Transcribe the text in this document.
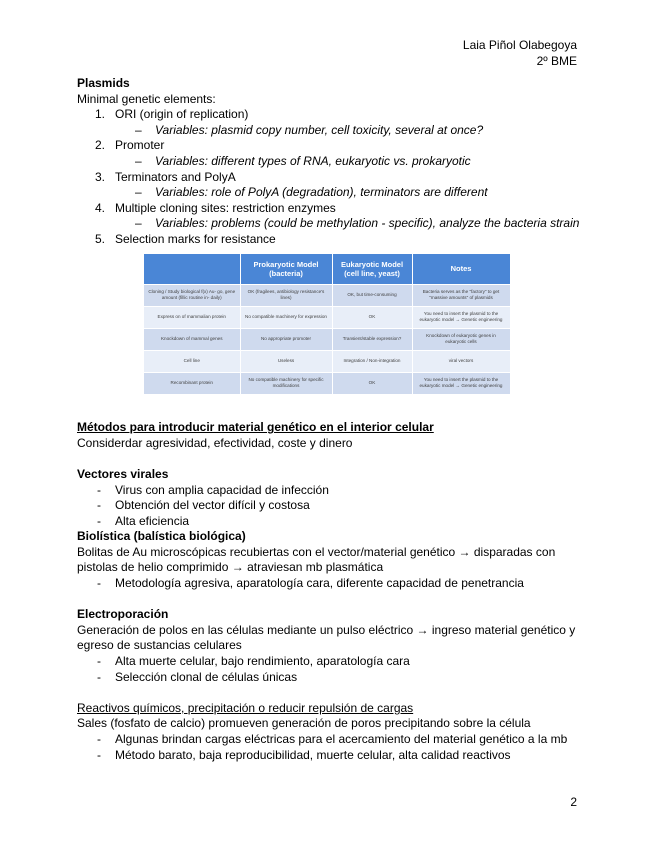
Laia Piñol Olabegoya
2º BME

Plasmids

Minimal genetic elements:

1. ORI (origin of replication)

– Variables: plasmid copy number, cell toxicity, several at once?

2. Promoter

– Variables: different types of RNA, eukaryotic vs. prokaryotic

3. Terminators and PolyA

– Variables: role of PolyA (degradation), terminators are different

4. Multiple cloning sites: restriction enzymes

– Variables: problems (could be methylation - specific), analyze the bacteria strain

5. Selection marks for resistance

	Prokaryotic Model (bacteria)	Eukaryotic Model (cell line, yeast)	Notes
Cloning / Study biological f(x) Au- go, gene amount (fillic routine in- daily)	OK (fragilees, antibiology resistance's lines)	OK, but time-consuming	Bacteria serves as the "factory" to get "massive amounts" of plasmids
Express on of mammalian protein	No compatible machinery for expression	OK	You need to insert the plasmid to the eukaryotic model → Genetic engineering
Knockdown of mammal genes	No appropriate promoter	Transient/stable expression?	Knockdown of eukaryotic genes in eukaryotic cells
Cell line	Useless	Integration / Non-integration	viral vectors
Recombinant protein	No compatible machinery for specific modifications	OK	You need to insert the plasmid to the eukaryotic model → Genetic engineering

Métodos para introducir material genético en el interior celular

Considerdar agresividad, efectividad, coste y dinero

Vectores virales

- Virus con amplia capacidad de infección

- Obtención del vector difícil y costosa

- Alta eficiencia

Biolística (balística biológica)

Bolitas de Au microscópicas recubiertas con el vector/material genético → disparadas con pistolas de helio comprimido → atraviesan mb plasmática

- Metodología agresiva, aparatología cara, diferente capacidad de penetrancia

Electroporación

Generación de polos en las células mediante un pulso eléctrico → ingreso material genético y egreso de sustancias celulares

- Alta muerte celular, bajo rendimiento, aparatología cara

- Selección clonal de células únicas

Reactivos químicos, precipitación o reducir repulsión de cargas

Sales (fosfato de calcio) promueven generación de poros precipitando sobre la célula

- Algunas brindan cargas eléctricas para el acercamiento del material genético a la mb

- Método barato, baja reproducibilidad, muerte celular, alta calidad reactivos

2
